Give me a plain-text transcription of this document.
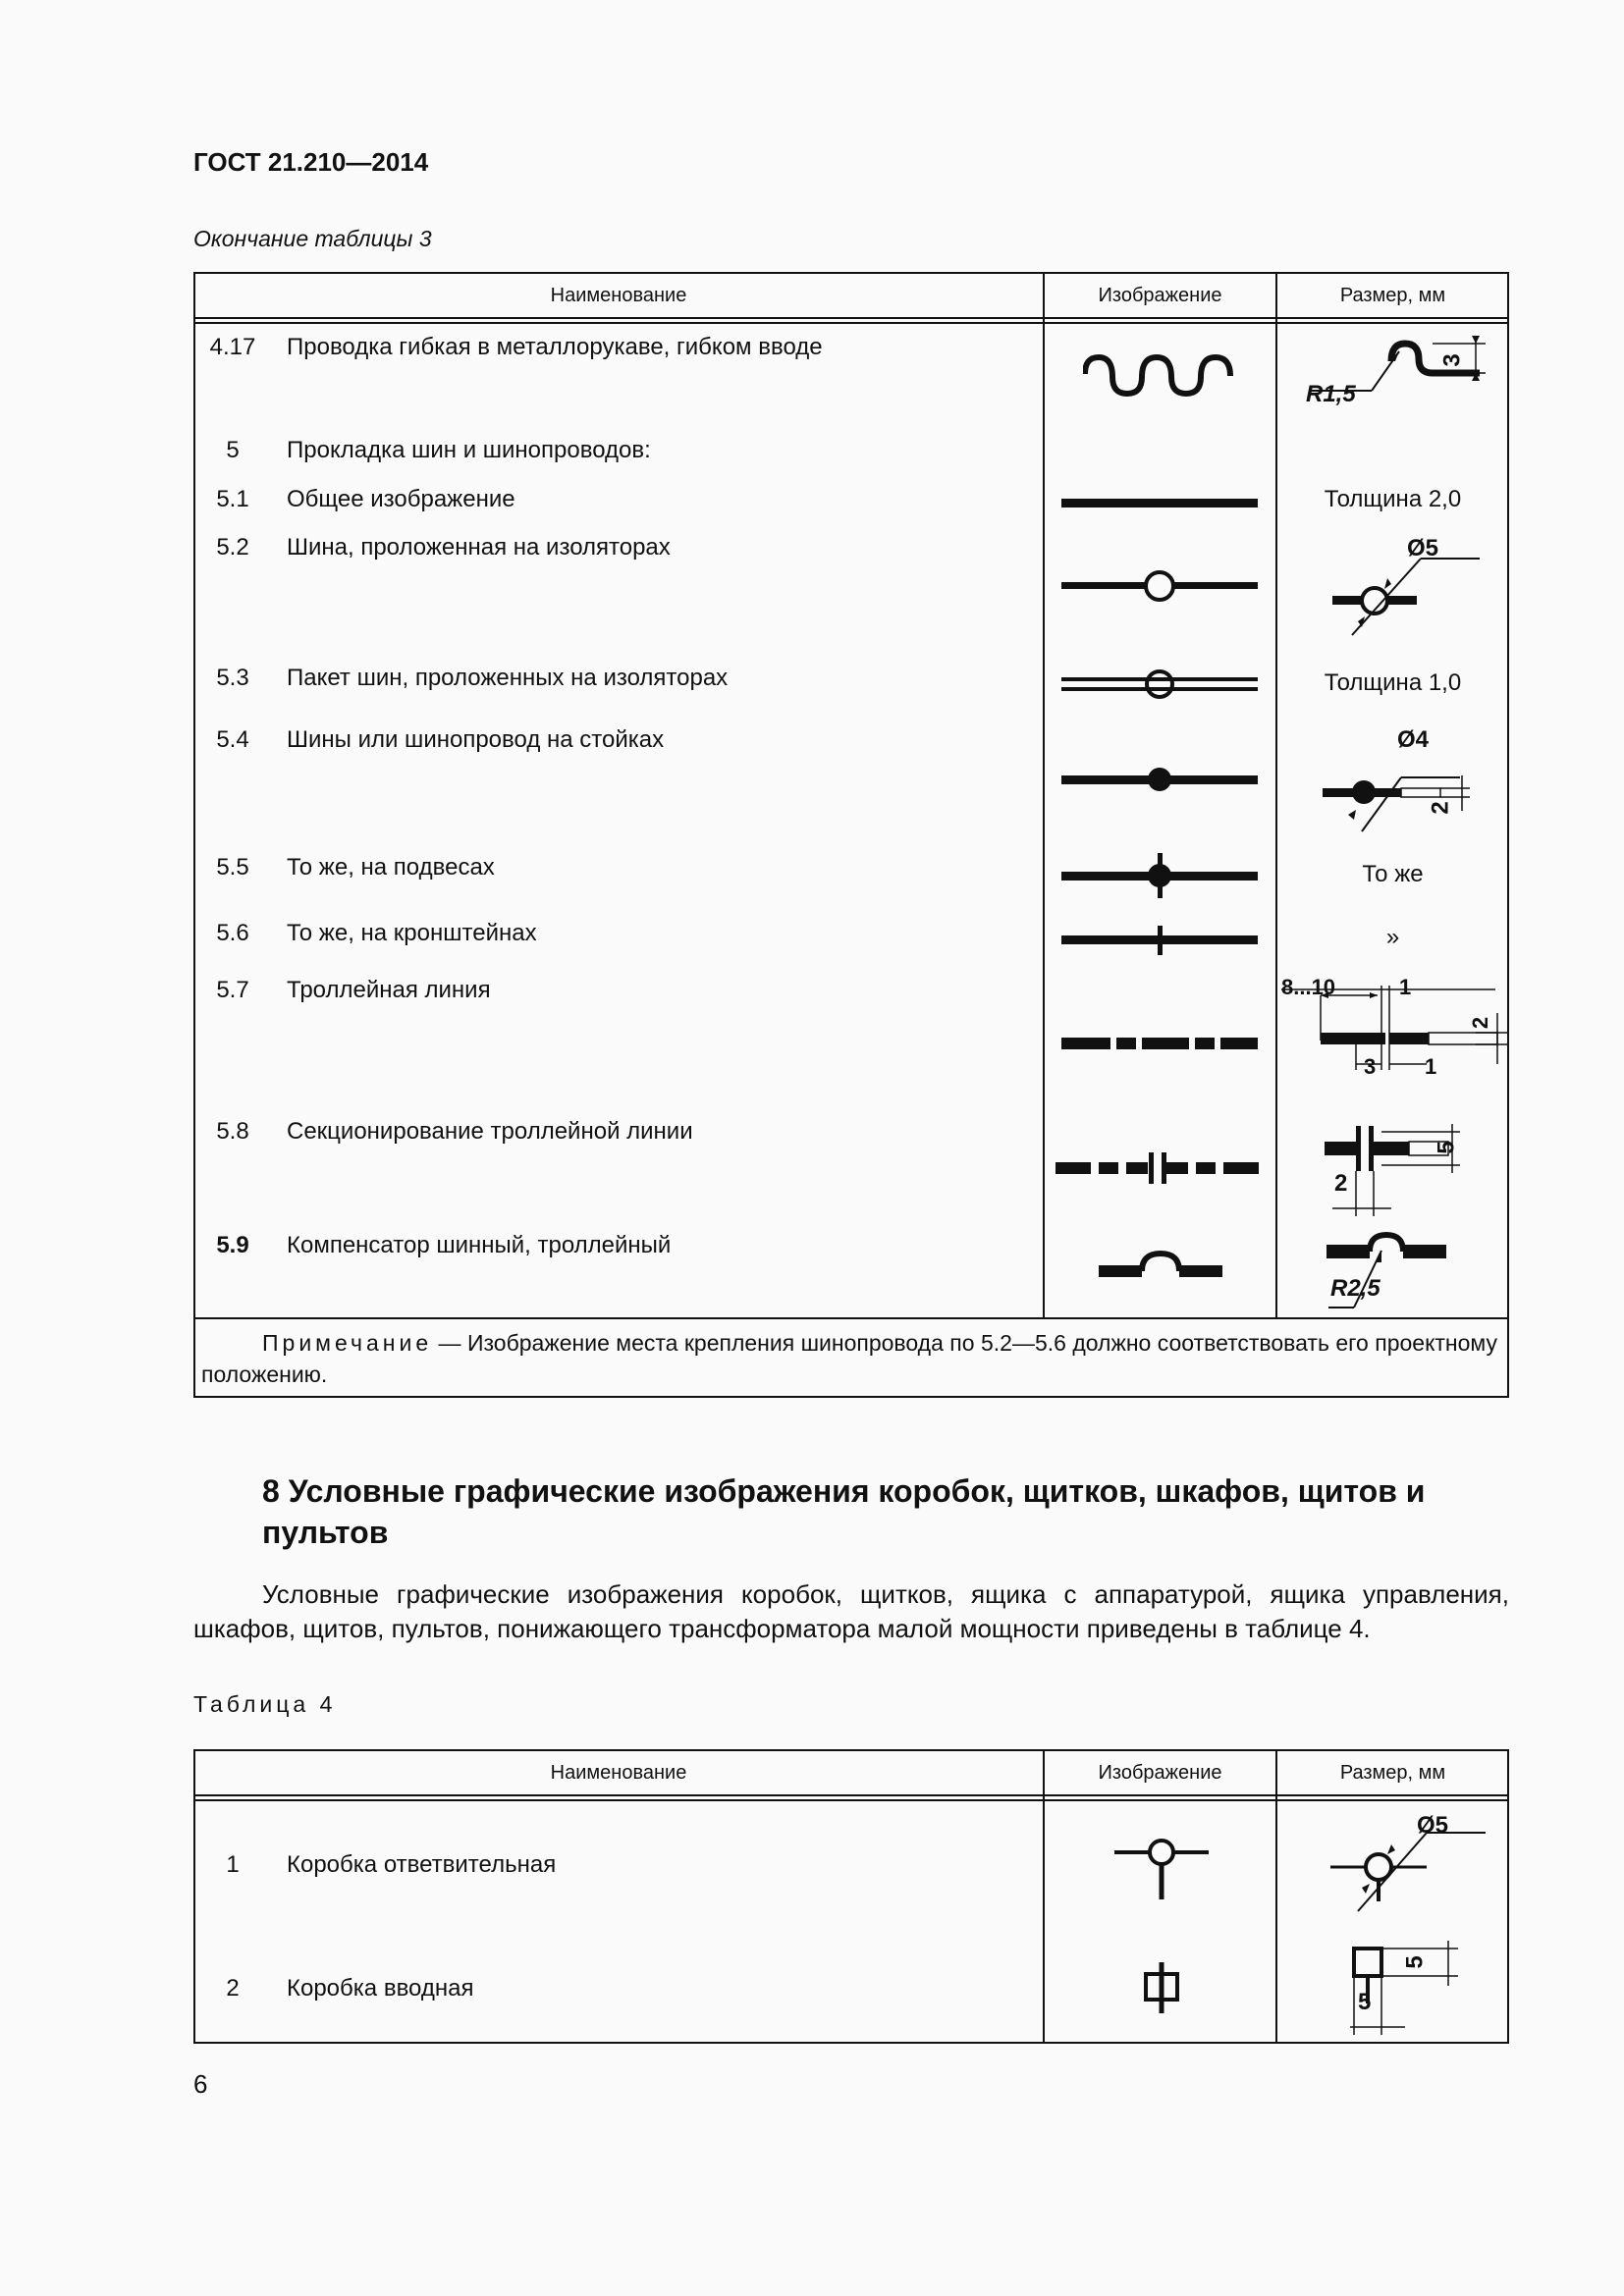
ГОСТ 21.210—2014
Окончание таблицы 3
Наименование	Изображение	Размер, мм
4.17	Проводка гибкая в металлорукаве, гибком вводе
R1,5
3
5	Прокладка шин и шинопроводов:
5.1	Общее изображение	Толщина 2,0
5.2	Шина, проложенная на изоляторах	Ø5
5.3	Пакет шин, проложенных на изоляторах	Толщина 1,0
5.4	Шины или шинопровод на стойках	Ø4
2
5.5	То же, на подвесах	То же
5.6	То же, на кронштейнах	»
5.7	Троллейная линия	8...10	1
2
3 1
5.8	Секционирование троллейной линии
5
2
5.9	Компенсатор шинный, троллейный
R2,5
Примечание — Изображение места крепления шинопровода по 5.2—5.6 должно соответствовать его проектному положению.
8 Условные графические изображения коробок, щитков, шкафов, щитов и пультов
Условные графические изображения коробок, щитков, ящика с аппаратурой, ящика управления, шкафов, щитов, пультов, понижающего трансформатора малой мощности приведены в таблице 4.
Таблица 4
Наименование	Изображение	Размер, мм
1	Коробка ответвительная
Ø5
2	Коробка вводная
5
5
6
